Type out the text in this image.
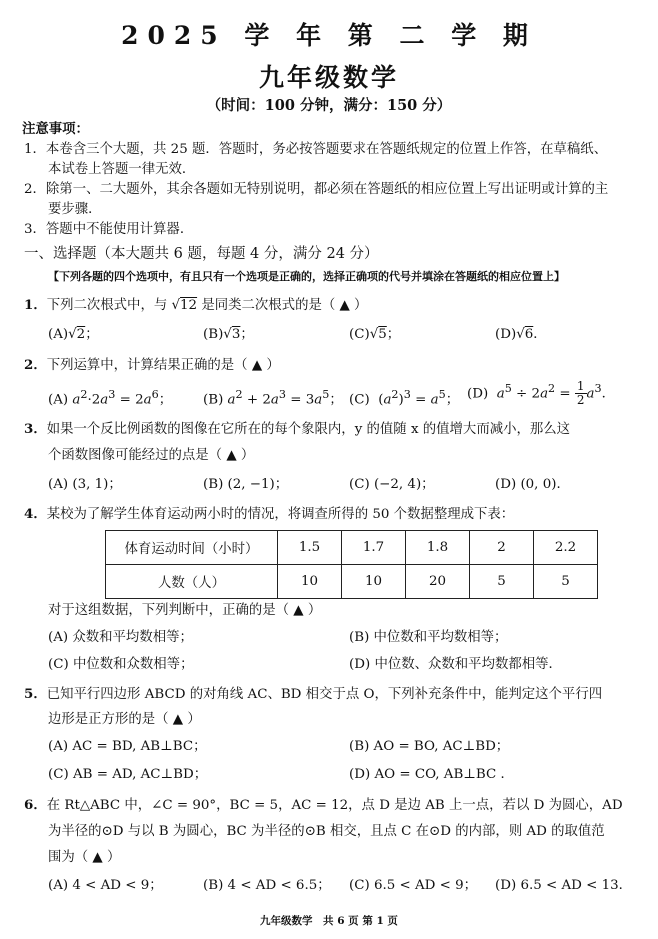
2025 学 年 第 二 学 期
九年级数学
（时间：100 分钟，满分：150 分）
注意事项：
1．本卷含三个大题，共 25 题．答题时，务必按答题要求在答题纸规定的位置上作答，在草稿纸、
本试卷上答题一律无效．
2．除第一、二大题外，其余各题如无特别说明，都必须在答题纸的相应位置上写出证明或计算的主
要步骤．
3．答题中不能使用计算器．
一、选择题（本大题共 6 题，每题 4 分，满分 24 分）
【下列各题的四个选项中，有且只有一个选项是正确的，选择正确项的代号并填涂在答题纸的相应位置上】
1．下列二次根式中，与 √12 是同类二次根式的是（ ▲ ）
(A)√2；	(B)√3；	(C)√5；	(D)√6．
2．下列运算中，计算结果正确的是（ ▲ ）
(A) $a^2\cdot 2a^3 = 2a^6$； (B) $a^2 + 2a^3 = 3a^5$； (C)  $(a^2)^3 = a^5$； (D)  $a^5 \div 2a^2 = \frac{1}{2} a^3$．
3．如果一个反比例函数的图像在它所在的每个象限内，y 的值随 x 的值增大而减小，那么这
个函数图像可能经过的点是（ ▲ ）
(A) (3, 1)；	(B) (2, −1)；	(C) (−2, 4)；	(D) (0, 0)．
4．某校为了解学生体育运动两小时的情况，将调查所得的 50 个数据整理成下表：
体育运动时间（小时）	1.5	1.7	1.8	2	2.2
人数（人）	10	10	20	5	5
对于这组数据，下列判断中，正确的是（ ▲ ）
(A) 众数和平均数相等；	(B) 中位数和平均数相等；
(C) 中位数和众数相等；	(D) 中位数、众数和平均数都相等．
5．已知平行四边形 ABCD 的对角线 AC、BD 相交于点 O，下列补充条件中，能判定这个平行四
边形是正方形的是（ ▲ ）
(A) AC = BD, AB⊥BC；	(B) AO = BO, AC⊥BD；
(C) AB = AD, AC⊥BD；	(D) AO = CO, AB⊥BC ．
6．在 Rt△ABC 中，∠C = 90°，BC = 5，AC = 12，点 D 是边 AB 上一点，若以 D 为圆心，AD
为半径的⊙D 与以 B 为圆心，BC 为半径的⊙B 相交，且点 C 在⊙D 的内部，则 AD 的取值范
围为（ ▲ ）
(A) 4 < AD < 9；	(B) 4 < AD < 6.5； (C) 6.5 < AD < 9； (D) 6.5 < AD < 13．
九年级数学　共 6 页 第 1 页
